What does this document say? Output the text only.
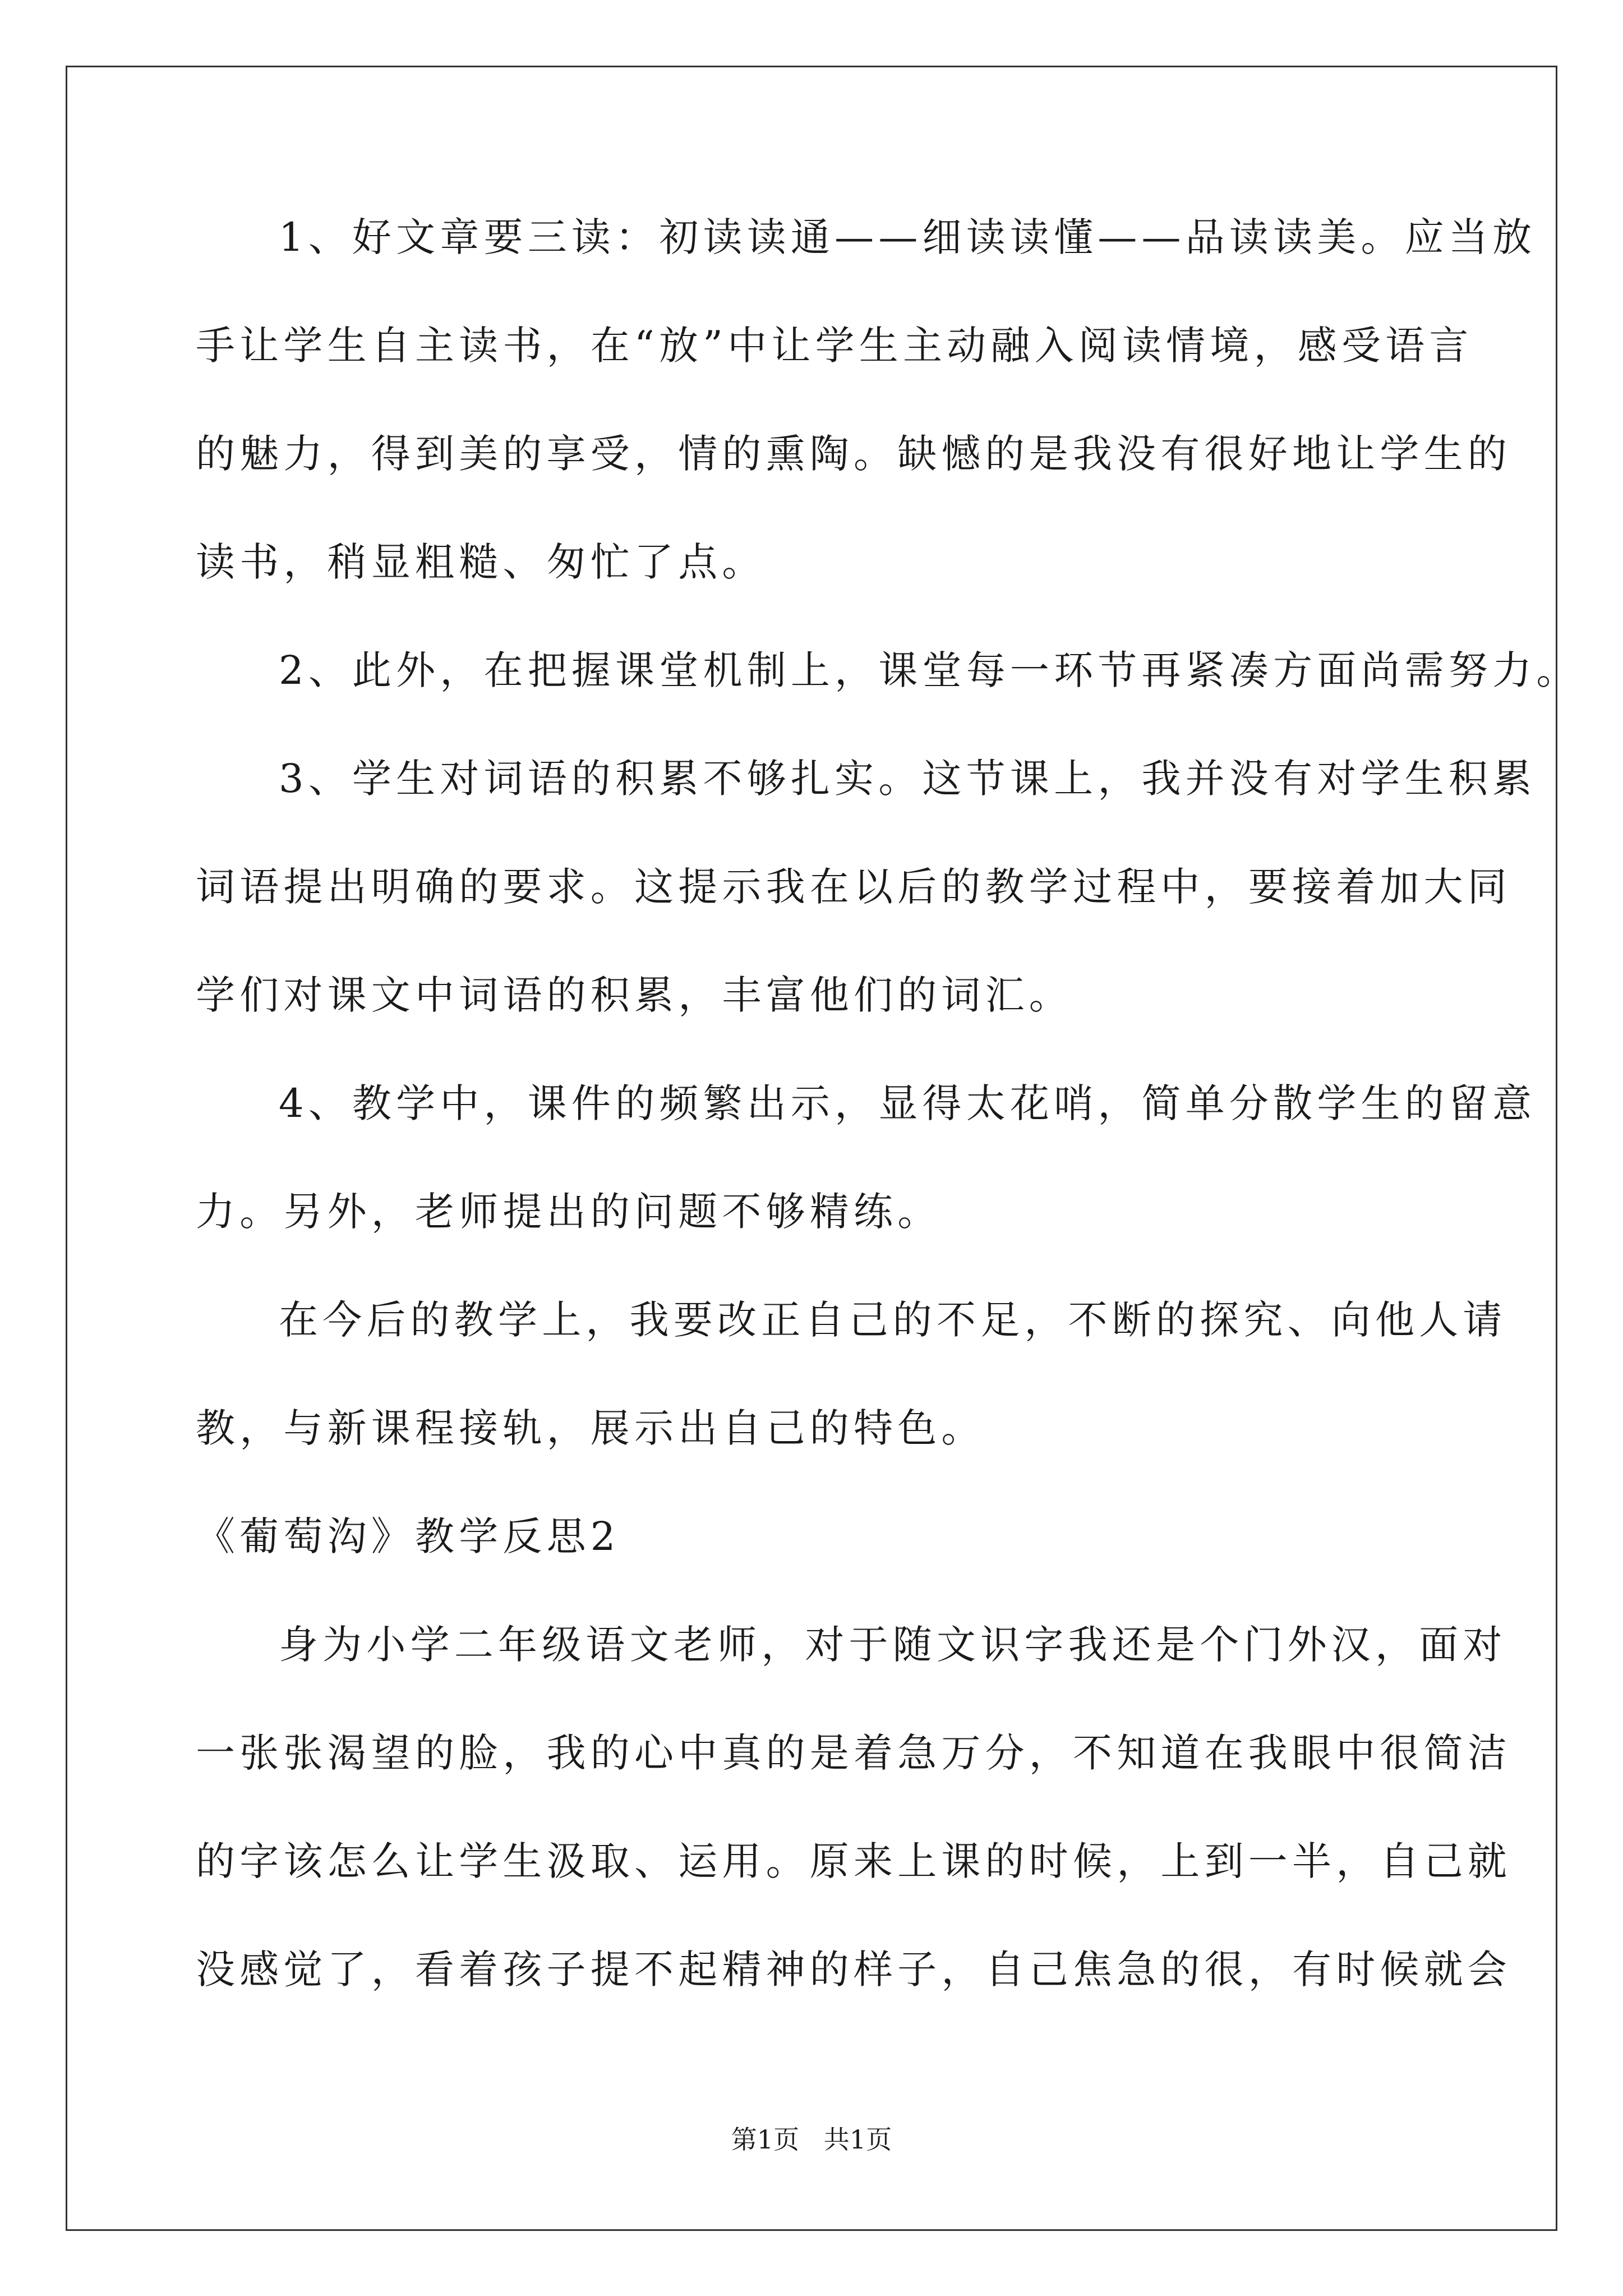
1、好文章要三读：初读读通——细读读懂——品读读美。应当放

手让学生自主读书，在“放”中让学生主动融入阅读情境，感受语言

的魅力，得到美的享受，情的熏陶。缺憾的是我没有很好地让学生的

读书，稍显粗糙、匆忙了点。

2、此外，在把握课堂机制上，课堂每一环节再紧凑方面尚需努力。

3、学生对词语的积累不够扎实。这节课上，我并没有对学生积累

词语提出明确的要求。这提示我在以后的教学过程中，要接着加大同

学们对课文中词语的积累，丰富他们的词汇。

4、教学中，课件的频繁出示，显得太花哨，简单分散学生的留意

力。另外，老师提出的问题不够精练。

在今后的教学上，我要改正自己的不足，不断的探究、向他人请

教，与新课程接轨，展示出自己的特色。

《葡萄沟》教学反思2

身为小学二年级语文老师，对于随文识字我还是个门外汉，面对

一张张渴望的脸，我的心中真的是着急万分，不知道在我眼中很简洁

的字该怎么让学生汲取、运用。原来上课的时候，上到一半，自己就

没感觉了，看着孩子提不起精神的样子，自己焦急的很，有时候就会

第1页   共1页
